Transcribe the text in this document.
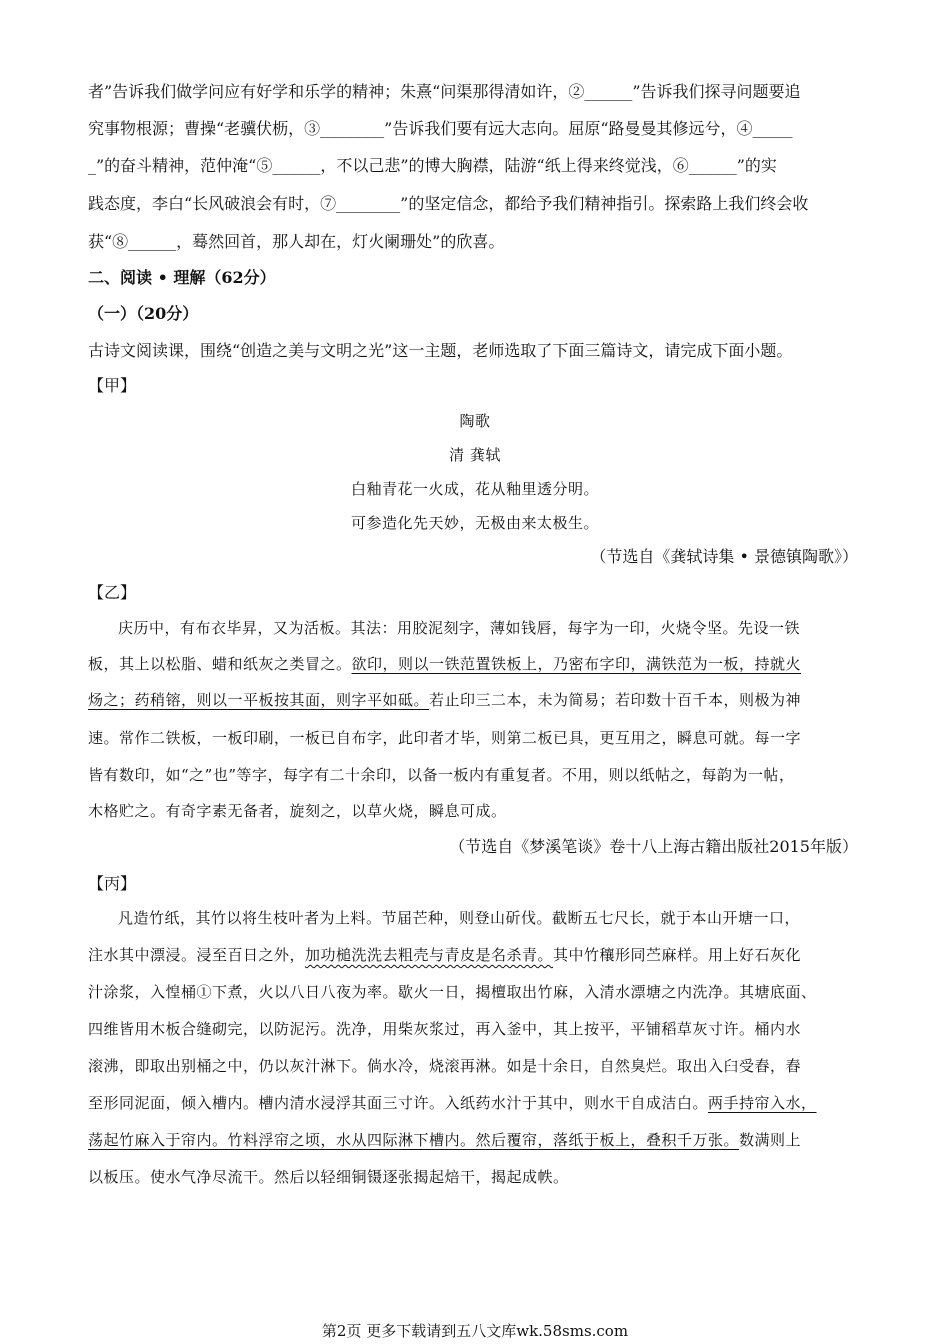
者”告诉我们做学问应有好学和乐学的精神；朱熹“问渠那得清如许，②______”告诉我们探寻问题要追
究事物根源；曹操“老骥伏枥，③________”告诉我们要有远大志向。屈原“路曼曼其修远兮，④_____
_”的奋斗精神，范仲淹“⑤______，不以己悲”的博大胸襟，陆游“纸上得来终觉浅，⑥______”的实
践态度，李白“长风破浪会有时，⑦________”的坚定信念，都给予我们精神指引。探索路上我们终会收
获“⑧______，蓦然回首，那人却在，灯火阑珊处”的欣喜。
二、阅读 • 理解（62分）
（一）（20分）
古诗文阅读课，围绕“创造之美与文明之光”这一主题，老师选取了下面三篇诗文，请完成下面小题。
【甲】
陶歌
清 龚轼
白釉青花一火成，花从釉里透分明。
可参造化先天妙，无极由来太极生。
（节选自《龚轼诗集 • 景德镇陶歌》）
【乙】
庆历中，有布衣毕昇，又为活板。其法：用胶泥刻字，薄如钱唇，每字为一印，火烧令坚。先设一铁
板，其上以松脂、蜡和纸灰之类冒之。欲印，则以一铁范置铁板上，乃密布字印，满铁范为一板，持就火
炀之；药稍镕，则以一平板按其面，则字平如砥。若止印三二本，未为简易；若印数十百千本，则极为神
速。常作二铁板，一板印刷，一板已自布字，此印者才毕，则第二板已具，更互用之，瞬息可就。每一字
皆有数印，如“之”也”等字，每字有二十余印，以备一板内有重复者。不用，则以纸帖之，每韵为一帖，
木格贮之。有奇字素无备者，旋刻之，以草火烧，瞬息可成。
（节选自《梦溪笔谈》卷十八上海古籍出版社2015年版）
【丙】
凡造竹纸，其竹以将生枝叶者为上料。节届芒种，则登山斫伐。截断五七尺长，就于本山开塘一口，
注水其中漂浸。浸至百日之外，加功槌洗洗去粗壳与青皮是名杀青。其中竹穰形同苎麻样。用上好石灰化
汁涂浆，入惶桶①下煮，火以八日八夜为率。歇火一日，揭檀取出竹麻，入清水漂塘之内洗净。其塘底面、
四维皆用木板合缝砌完，以防泥污。洗净，用柴灰浆过，再入釜中，其上按平，平铺稻草灰寸许。桶内水
滚沸，即取出别桶之中，仍以灰汁淋下。倘水冷，烧滚再淋。如是十余日，自然臭烂。取出入臼受舂，舂
至形同泥面，倾入槽内。槽内清水浸浮其面三寸许。入纸药水汁于其中，则水干自成洁白。两手持帘入水，
荡起竹麻入于帘内。竹料浮帘之顷，水从四际淋下槽内。然后覆帘，落纸于板上，叠积千万张。数满则上
以板压。使水气净尽流干。然后以轻细铜镊逐张揭起焙干，揭起成帙。
第2页 更多下载请到五八文库wk.58sms.com
